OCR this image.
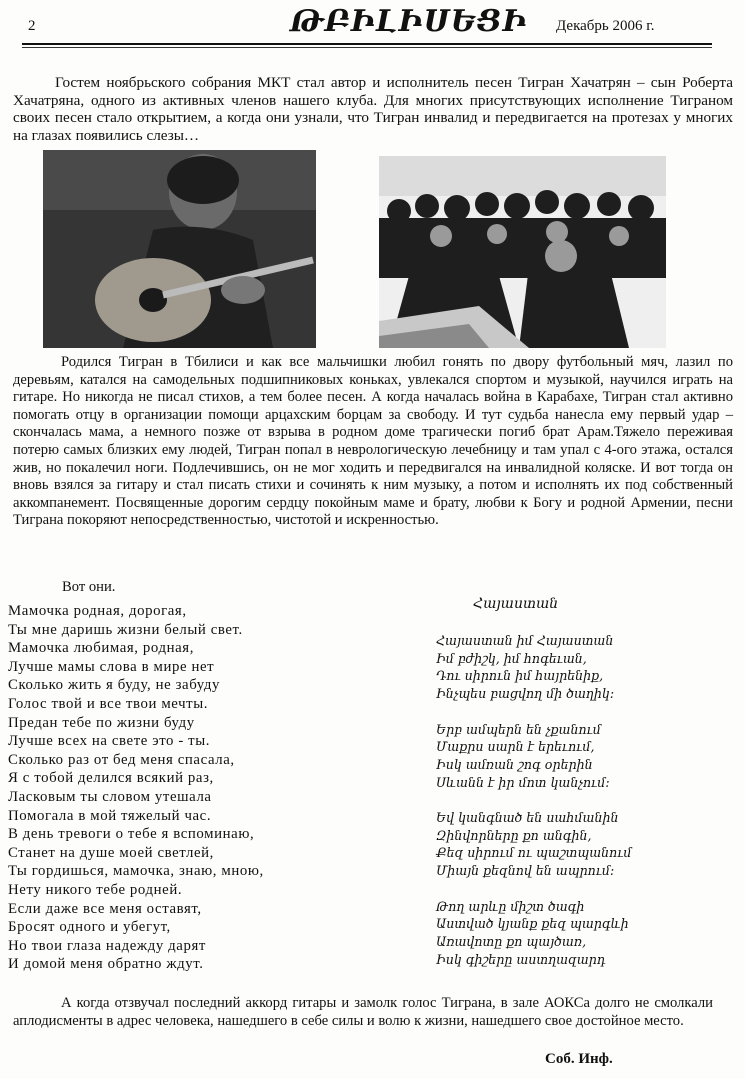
2	ԹԲԻԼԻՍԵՑԻ Декабрь 2006 г.

Гостем ноябрьского собрания МКТ стал автор и исполнитель песен Тигран Хачатрян – сын Роберта Хачатряна, одного из активных членов нашего клуба. Для многих присутствующих исполнение Тиграном своих песен стало открытием, а когда они узнали, что Тигран инвалид и передвигается на протезах у многих на глазах появились слезы…

Родился Тигран в Тбилиси и как все мальчишки любил гонять по двору футбольный мяч, лазил по деревьям, катался на самодельных подшипниковых коньках, увлекался спортом и музыкой, научился играть на гитаре. Но никогда не писал стихов, а тем более песен. А когда началась война в Карабахе, Тигран стал активно помогать отцу в организации помощи арцахским борцам за свободу. И тут судьба нанесла ему первый удар – скончалась мама, а немного позже от взрыва в родном доме трагически погиб брат Арам.Тяжело переживая потерю самых близких ему людей, Тигран попал в неврологическую лечебницу и там упал с 4-ого этажа, остался жив, но покалечил ноги. Подлечившись, он не мог ходить и передвигался на инвалидной коляске. И вот тогда он вновь взялся за гитару и стал писать стихи и сочинять к ним музыку, а потом и исполнять их под собственный аккомпанемент. Посвященные дорогим сердцу покойным маме и брату, любви к Богу и родной Армении, песни Тиграна покоряют непосредственностью, чистотой и искренностью.

Вот они.
Мамочка родная, дорогая,
Ты мне даришь жизни белый свет.
Мамочка любимая, родная,
Лучше мамы слова в мире нет
Сколько жить я буду, не забуду
Голос твой и все твои мечты.
Предан тебе по жизни буду
Лучше всех на свете это - ты.
Сколько раз от бед меня спасала,
Я с тобой делился всякий раз,
Ласковым ты словом утешала
Помогала в мой тяжелый час.
В день тревоги о тебе я вспоминаю,
Станет на душе моей светлей,
Ты гордишься, мамочка, знаю, мною,
Нету никого тебе родней.
Если даже все меня оставят,
Бросят одного и убегут,
Но твои глаза надежду дарят
И домой меня обратно ждут.
Հայաստան
Հայաստան իմ Հայաստան
Իմ բժիշկ, իմ հոգեւան,
Դու սիրուն իմ հայրենիք,
Ինչպես բացվող մի ծաղիկ:
Երբ ամպերն են չքանում
Մաքրս սարն է երեւում,
Իսկ ամռան շոգ օրերին
Սևանն է իր մոտ կանչում:
Եվ կանգնած են սահմանին
Զինվորները քո անգին,
Քեզ սիրում ու պաշտպանում
Միայն քեզնով են ապրում:
Թող արևը միշտ ծագի
Աստված կյանք քեզ պարգևի
Առավոտը քո պայծառ,
Իսկ գիշերը աստղազարդ

А когда отзвучал последний аккорд гитары и замолк голос Тиграна, в зале АОКСа долго не смолкали аплодисменты в адрес человека, нашедшего в себе силы и волю к жизни, нашедшего свое достойное место.

Соб. Инф.
